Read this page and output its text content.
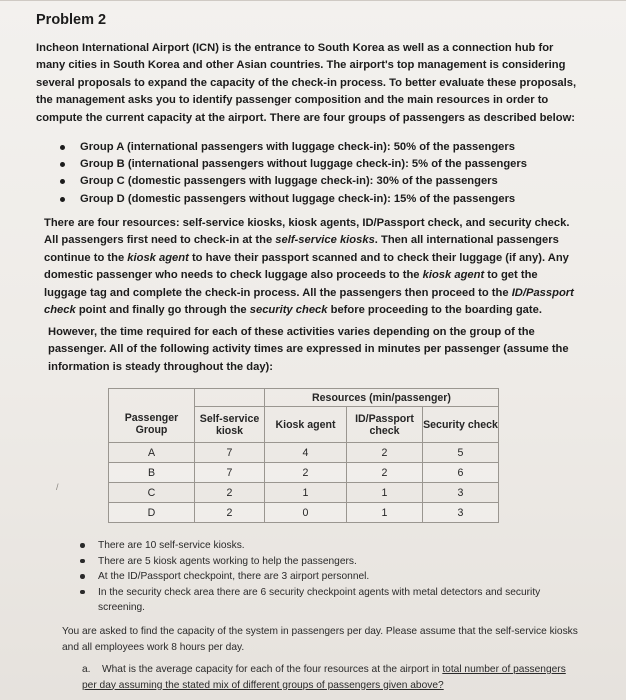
Problem 2
Incheon International Airport (ICN) is the entrance to South Korea as well as a connection hub for many cities in South Korea and other Asian countries. The airport's top management is considering several proposals to expand the capacity of the check-in process. To better evaluate these proposals, the management asks you to identify passenger composition and the main resources in order to compute the current capacity at the airport. There are four groups of passengers as described below:
Group A (international passengers with luggage check-in): 50% of the passengers
Group B (international passengers without luggage check-in): 5% of the passengers
Group C (domestic passengers with luggage check-in): 30% of the passengers
Group D (domestic passengers without luggage check-in): 15% of the passengers
There are four resources: self-service kiosks, kiosk agents, ID/Passport check, and security check. All passengers first need to check-in at the self-service kiosks. Then all international passengers continue to the kiosk agent to have their passport scanned and to check their luggage (if any). Any domestic passenger who needs to check luggage also proceeds to the kiosk agent to get the luggage tag and complete the check-in process. All the passengers then proceed to the ID/Passport check point and finally go through the security check before proceeding to the boarding gate.
However, the time required for each of these activities varies depending on the group of the passenger. All of the following activity times are expressed in minutes per passenger (assume the information is steady throughout the day):
/
		Resources (min/passenger)		
Passenger Group	Self-service kiosk	Kiosk agent	ID/Passport check	Security check
A	7	4	2	5
B	7	2	2	6
C	2	1	1	3
D	2	0	1	3
There are 10 self-service kiosks.
There are 5 kiosk agents working to help the passengers.
At the ID/Passport checkpoint, there are 3 airport personnel.
In the security check area there are 6 security checkpoint agents with metal detectors and security screening.
You are asked to find the capacity of the system in passengers per day. Please assume that the self-service kiosks and all employees work 8 hours per day.
a. What is the average capacity for each of the four resources at the airport in total number of passengers per day assuming the stated mix of different groups of passengers given above?
